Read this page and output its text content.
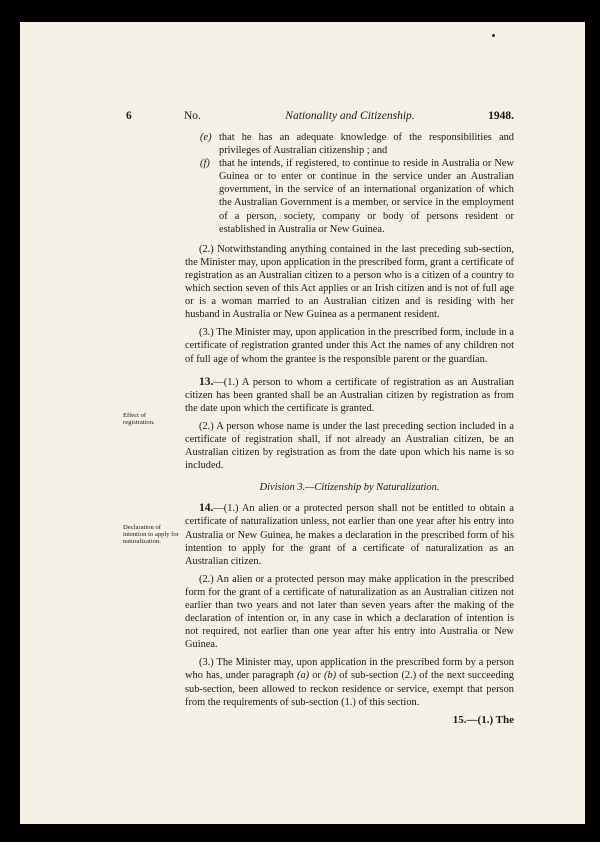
6	No.	Nationality and Citizenship.	1948.
Effect of registration.
Declaration of intention to apply for naturalization.

(e) that he has an adequate knowledge of the responsibilities and privileges of Australian citizenship ; and

(f) that he intends, if registered, to continue to reside in Australia or New Guinea or to enter or continue in the service under an Australian government, in the service of an international organization of which the Australian Government is a member, or service in the employment of a person, society, company or body of persons resident or established in Australia or New Guinea.

(2.) Notwithstanding anything contained in the last preceding sub-section, the Minister may, upon application in the prescribed form, grant a certificate of registration as an Australian citizen to a person who is a citizen of a country to which section seven of this Act applies or an Irish citizen and is not of full age or is a woman married to an Australian citizen and is residing with her husband in Australia or New Guinea as a permanent resident.

(3.) The Minister may, upon application in the prescribed form, include in a certificate of registration granted under this Act the names of any children not of full age of whom the grantee is the responsible parent or the guardian.

13.—(1.) A person to whom a certificate of registration as an Australian citizen has been granted shall be an Australian citizen by registration as from the date upon which the certificate is granted.

(2.) A person whose name is under the last preceding section included in a certificate of registration shall, if not already an Australian citizen, be an Australian citizen by registration as from the date upon which his name is so included.

Division 3.—Citizenship by Naturalization.

14.—(1.) An alien or a protected person shall not be entitled to obtain a certificate of naturalization unless, not earlier than one year after his entry into Australia or New Guinea, he makes a declaration in the prescribed form of his intention to apply for the grant of a certificate of naturalization as an Australian citizen.

(2.) An alien or a protected person may make application in the prescribed form for the grant of a certificate of naturalization as an Australian citizen not earlier than two years and not later than seven years after the making of the declaration of intention or, in any case in which a declaration of intention is not required, not earlier than one year after his entry into Australia or New Guinea.

(3.) The Minister may, upon application in the prescribed form by a person who has, under paragraph (a) or (b) of sub-section (2.) of the next succeeding sub-section, been allowed to reckon residence or service, exempt that person from the requirements of sub-section (1.) of this section.

15.—(1.) The
